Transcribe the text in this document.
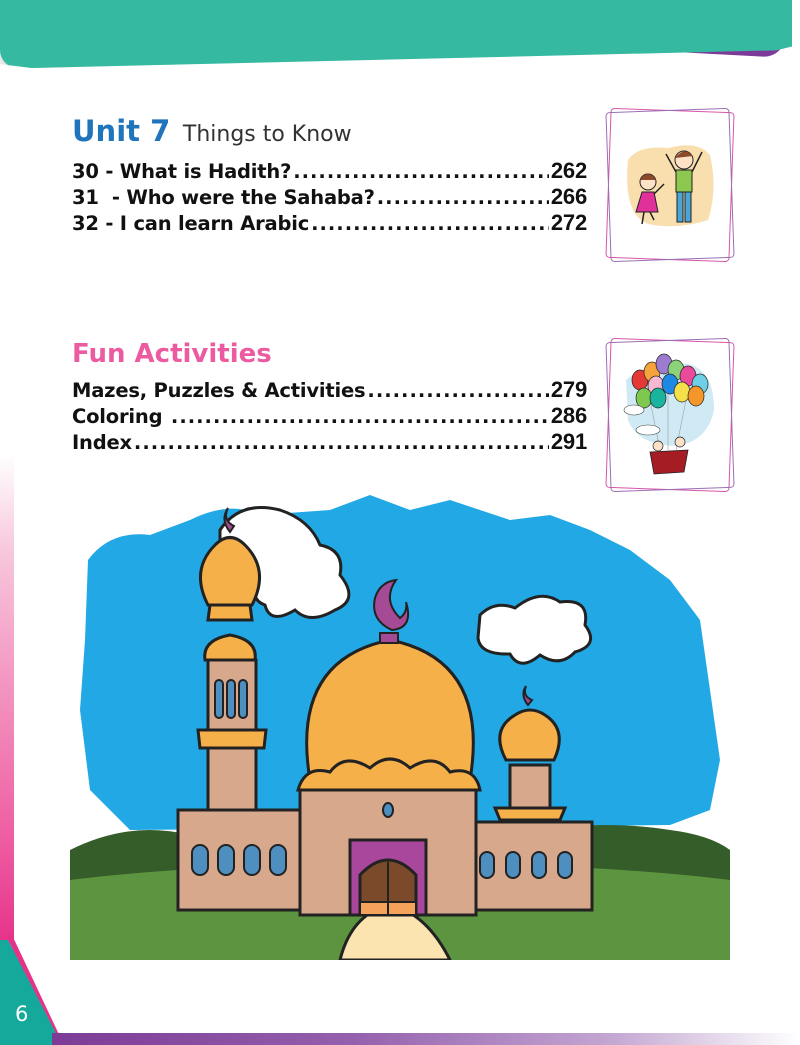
Unit 7 Things to Know
30 - What is Hadith? .....	262
31  - Who were the Sahaba? .....	266
32 - I can learn Arabic .....	272
Fun Activities
Mazes, Puzzles & Activities .....	279
Coloring .....	286
Index .....	291
6
